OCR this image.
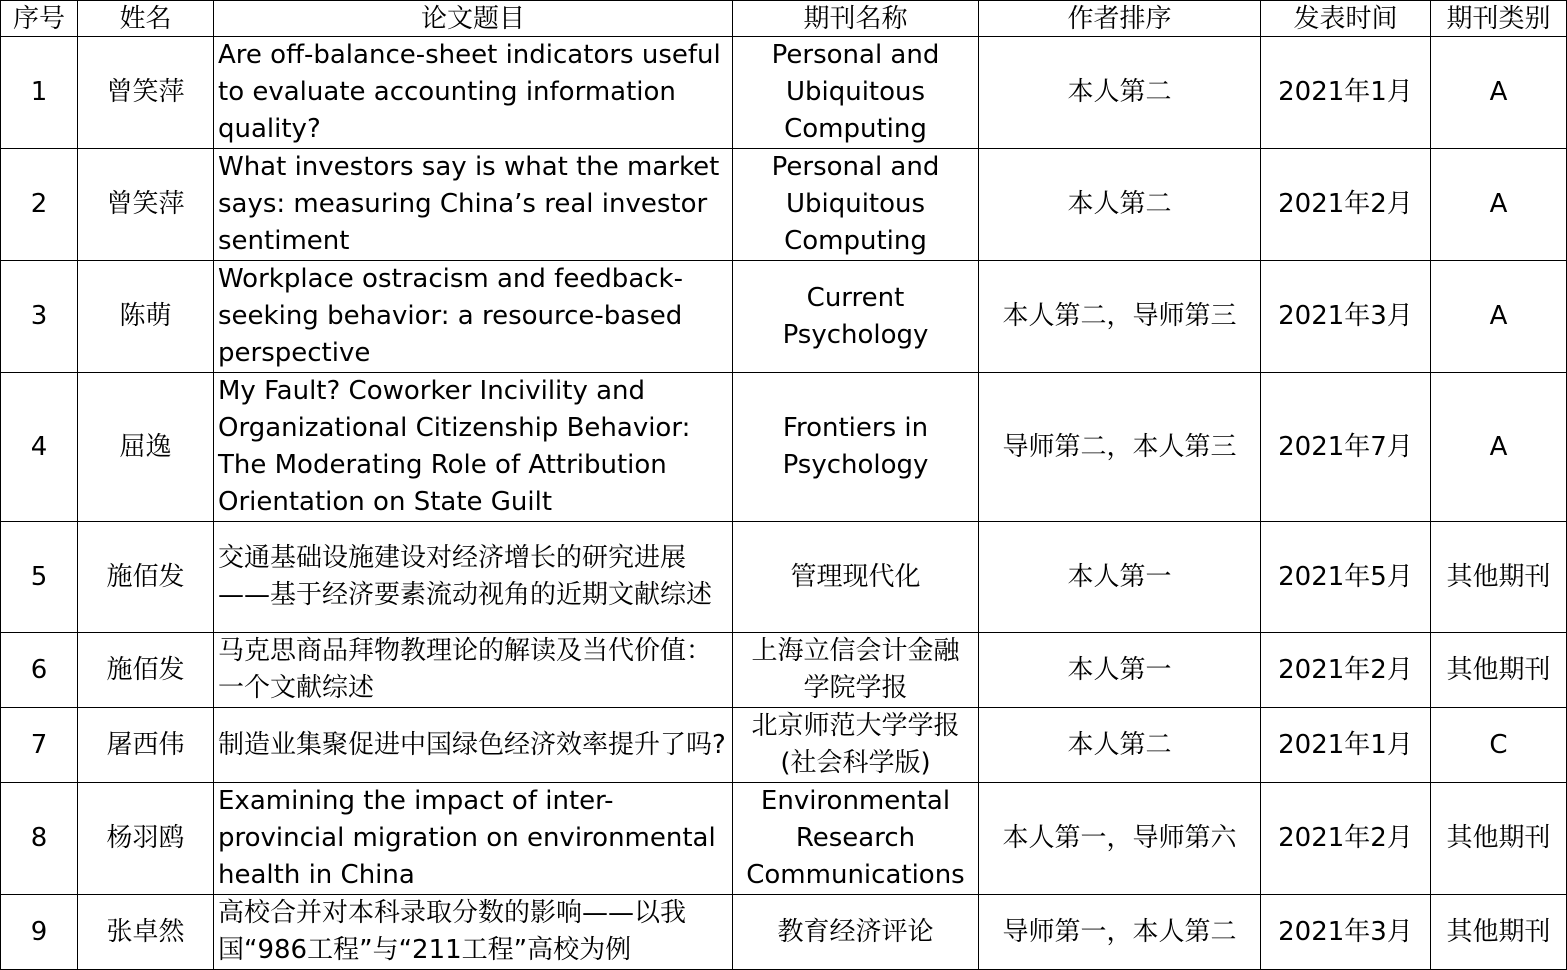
序号	姓名	论文题目	期刊名称	作者排序	发表时间	期刊类别
1	曾笑萍	Are off-balance-sheet indicators useful to evaluate accounting information quality?	Personal and Ubiquitous Computing	本人第二	2021年1月	A
2	曾笑萍	What investors say is what the market says: measuring China’s real investor sentiment	Personal and Ubiquitous Computing	本人第二	2021年2月	A
3	陈萌	Workplace ostracism and feedback-seeking behavior: a resource-based perspective	Current Psychology	本人第二，导师第三	2021年3月	A
4	屈逸	My Fault? Coworker Incivility and Organizational Citizenship Behavior: The Moderating Role of Attribution Orientation on State Guilt	Frontiers in Psychology	导师第二，本人第三	2021年7月	A
5	施佰发	交通基础设施建设对经济增长的研究进展——基于经济要素流动视角的近期文献综述	管理现代化	本人第一	2021年5月	其他期刊
6	施佰发	马克思商品拜物教理论的解读及当代价值：一个文献综述	上海立信会计金融学院学报	本人第一	2021年2月	其他期刊
7	屠西伟	制造业集聚促进中国绿色经济效率提升了吗?	北京师范大学学报(社会科学版)	本人第二	2021年1月	C
8	杨羽鸥	Examining the impact of inter-provincial migration on environmental health in China	Environmental Research Communications	本人第一，导师第六	2021年2月	其他期刊
9	张卓然	高校合并对本科录取分数的影响——以我国“986工程”与“211工程”高校为例	教育经济评论	导师第一，本人第二	2021年3月	其他期刊
